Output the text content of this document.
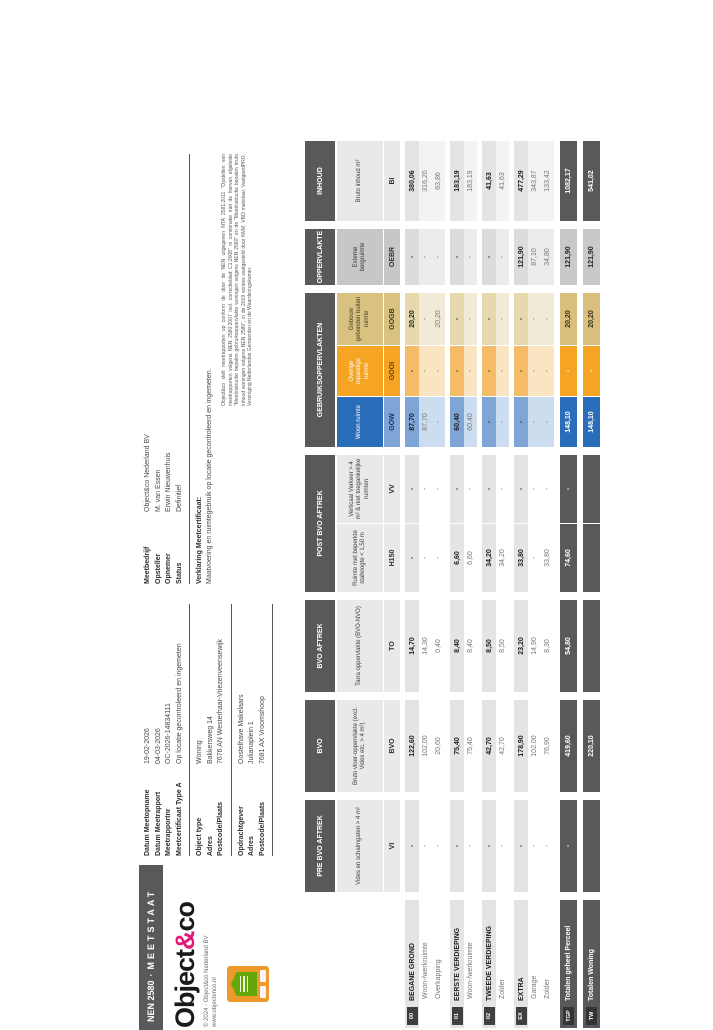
NEN 2580
·
MEETSTAAT
Object&co
© 2024 - Object&co Nederland BV www.objectenco.nl
Datum Meetopname
19-02-2026
Datum Meetrapport
04-03-2026
Meetrapportnr
OC-2026-14834111
Meetcertificaat Type A
Op locatie gecontroleerd en ingemeten
Object type
Woning
Adres
Bakkersweg 14
Postcode/Plaats
7676 AN Westerhaar-Vriezenveensewijk
Opdrachtgever
Oostelhave Makelaars
Adres
Julianaplein 1
Postcode/Plaats
7681 AX Vroomshoop
Meetbedrijf
Object&co Nederland BV
Opsteller
M. van Essen
Opnemer
Erwin Nieuwenhuis
Status
Definitief	Verklaring Meetcertificaat: Maatvoering en ruimtegebruik op locatie gecontroleerd en ingemeten.
Object&co stelt meetrapporten op conform de door de NEN uitgegeven NTA 2581:2011 "Opstellen van meetrapporten volgens NEN 2580:2007 incl. correctieblad C1:2008" in combinatie met de hiervan afgeleide "Meetinstructie bepalen gebruiksoppervlakte woningen volgens NEN 2580" en de "Meetinstructie bepalen bruto inhoud woningen volgens NEN 2580", in de 2019 versies vastgesteld door NVM, VBO makelaar, VastgoedPRO, Vereniging Nederlandse Gemeenten en de Waarderingskamer.
PRE BVO AFTREK
BVO
BVO AFTREK
POST BVO AFTREK
GEBRUIKSOPPERVLAKTEN
OPPERVLAKTE
INHOUD
Vides en schalmgaten > 4 m²
Bruto vloer-oppervlakte (excl. Vides etc. > 4 m²)
Tarra oppervlakte (BVO-NVO)
Ruimte met beperkte stahoogte < 1,50 m
Verticaal Verkeer > 4 m² & niet toegankelijke ruimten
Woon ruimte
Overige inpandige ruimte
Gebouw gebonden buiten ruimte
Externe bergruimte
Bruto inhoud m³
VI
BVO
TO
H150
VV
GOW
GOOI
GOGB
OEBR
BI
00
BEGANE GROND
-
122,60
14,70
-
-
87,70
-
20,20
-
380,06
Woon-/werkruimte
-
102,00
14,30
-
-
87,70
-
-
-
316,20
Overkapping
-
20,60
0,40
-
-
-
-
20,20
-
63,86
01
EERSTE VERDIEPING
-
75,40
8,40
6,60
-
60,40
-
-
-
183,19
Woon-/werkruimte
-
75,40
8,40
6,60
-
60,40
-
-
-
183,19
02
TWEEDE VERDIEPING
-
42,70
8,50
34,20
-
-
-
-
-
41,63
Zolder
-
42,70
8,50
34,20
-
-
-
-
-
41,63
EX
EXTRA
-
178,90
23,20
33,80
-
-
-
-
121,90
477,29
Garage
-
102,00
14,90
-
-
-
-
-
87,10
343,87
Zolder
-
76,90
8,30
33,80
-
-
-
-
34,80
133,42
TGP
Totalen geheel Perceel
-
419,60
54,80
74,60
-
148,10
-
20,20
121,90
1082,17
TW
Totalen Woning
220,10
148,10
-
20,20
121,90
541,02
